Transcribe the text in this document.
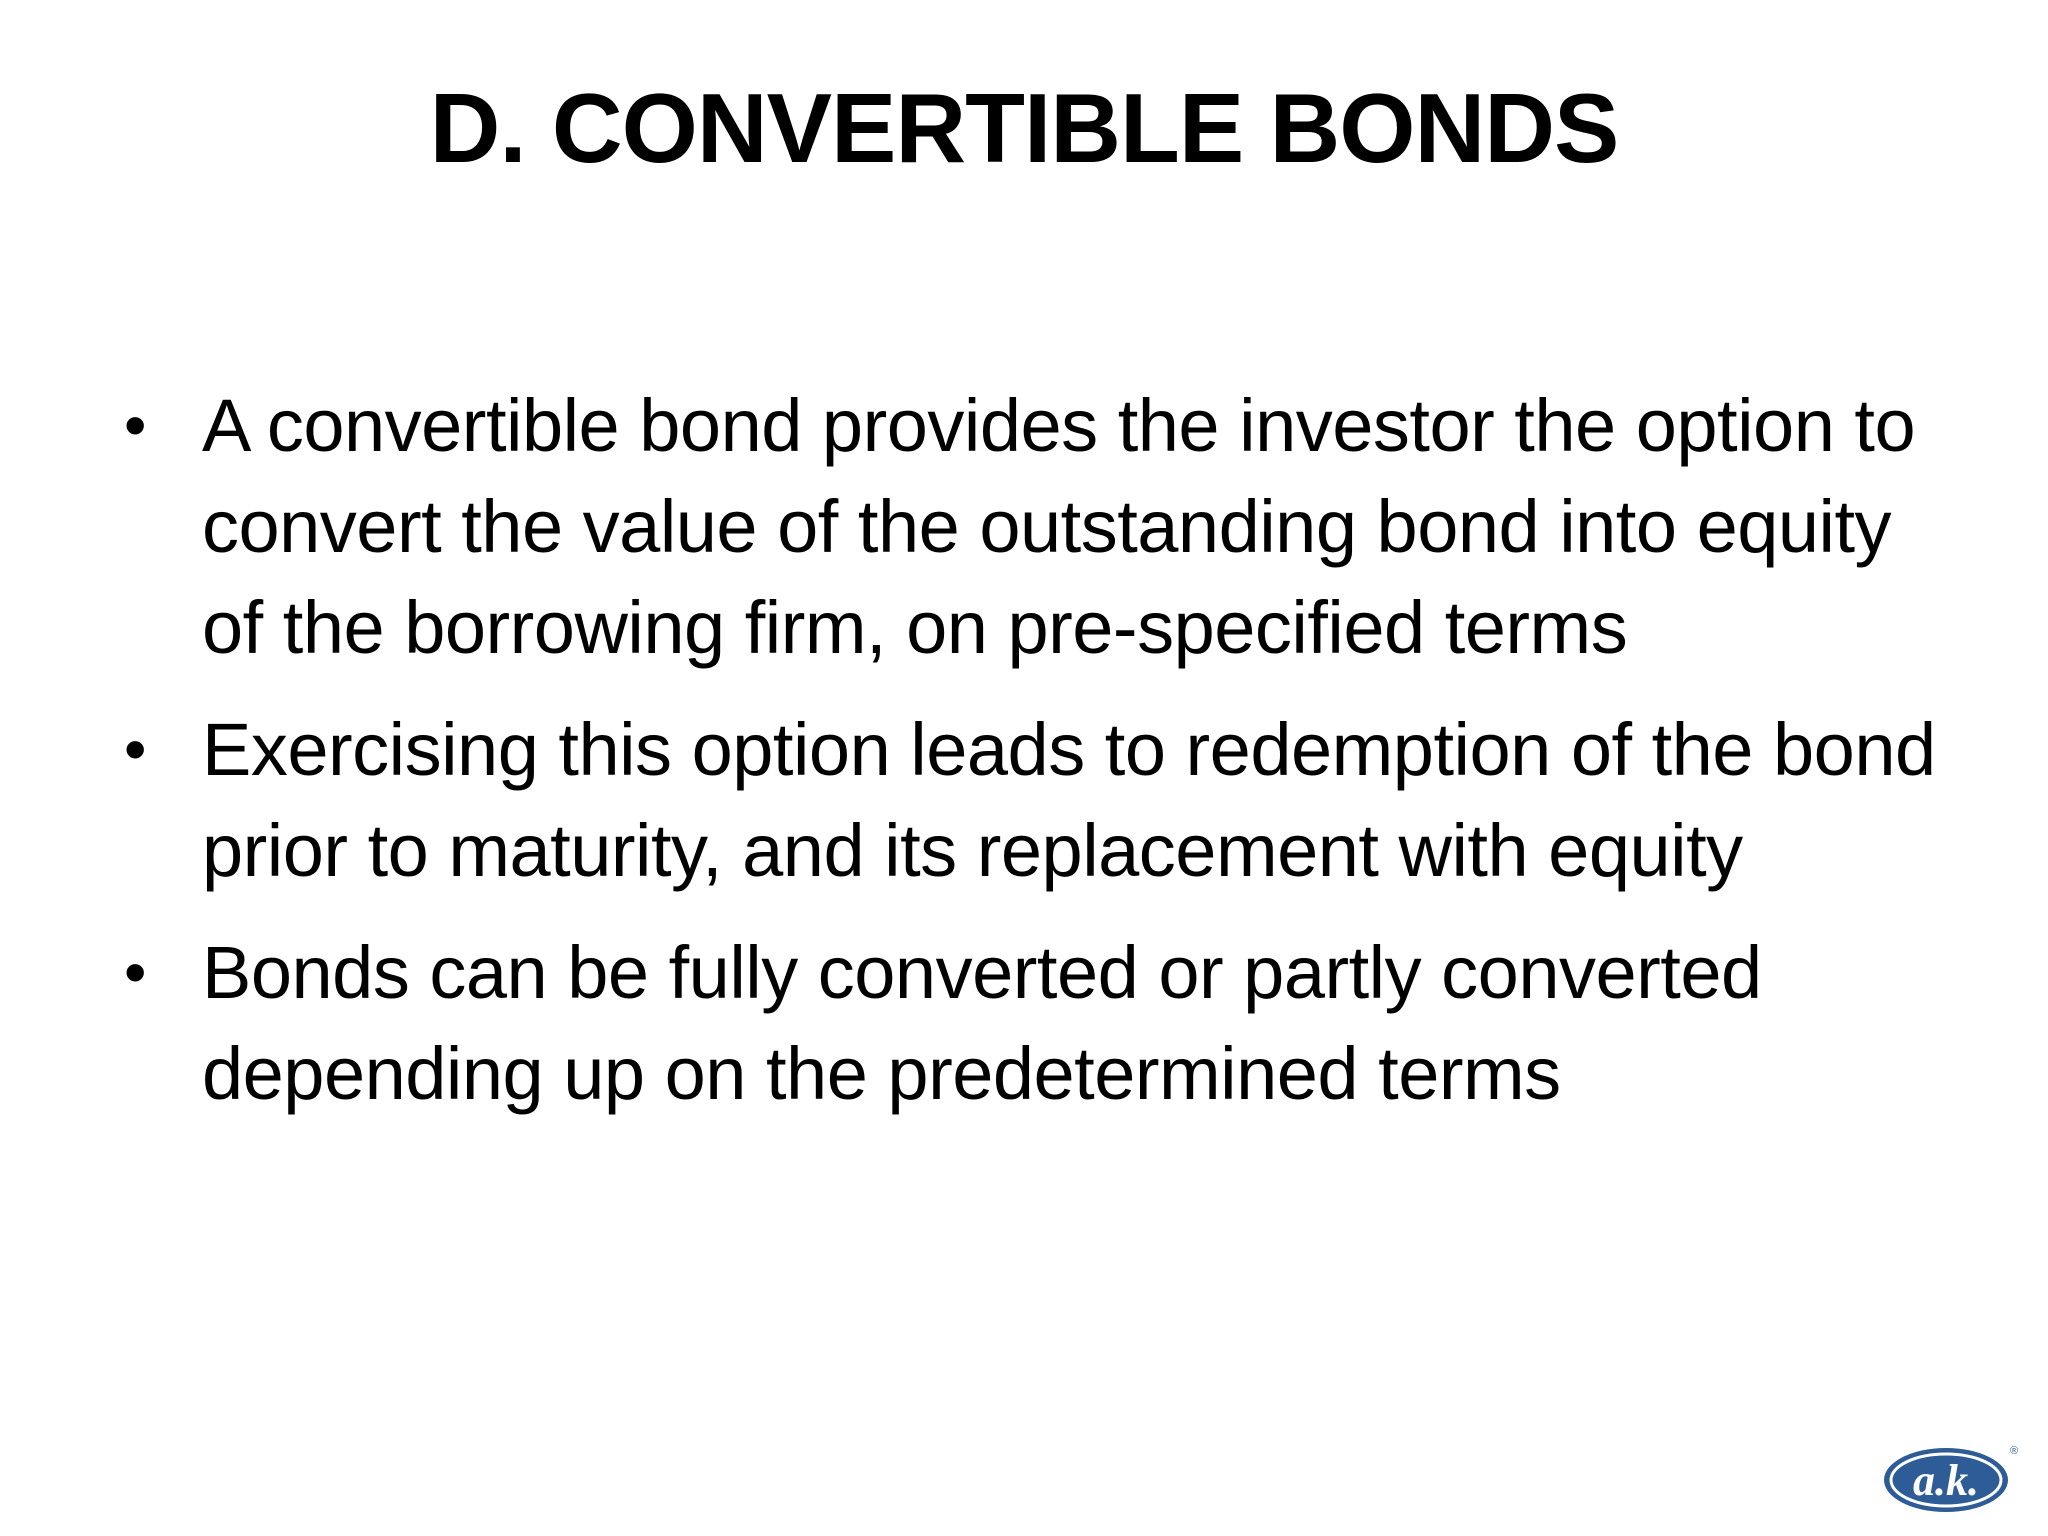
D. CONVERTIBLE BONDS
• A convertible bond provides the investor the option to convert the value of the outstanding bond into equity of the borrowing firm, on pre-specified terms
• Exercising this option leads to redemption of the bond prior to maturity, and its replacement with equity
• Bonds can be fully converted or partly converted depending up on the predetermined terms
a.k.
®
